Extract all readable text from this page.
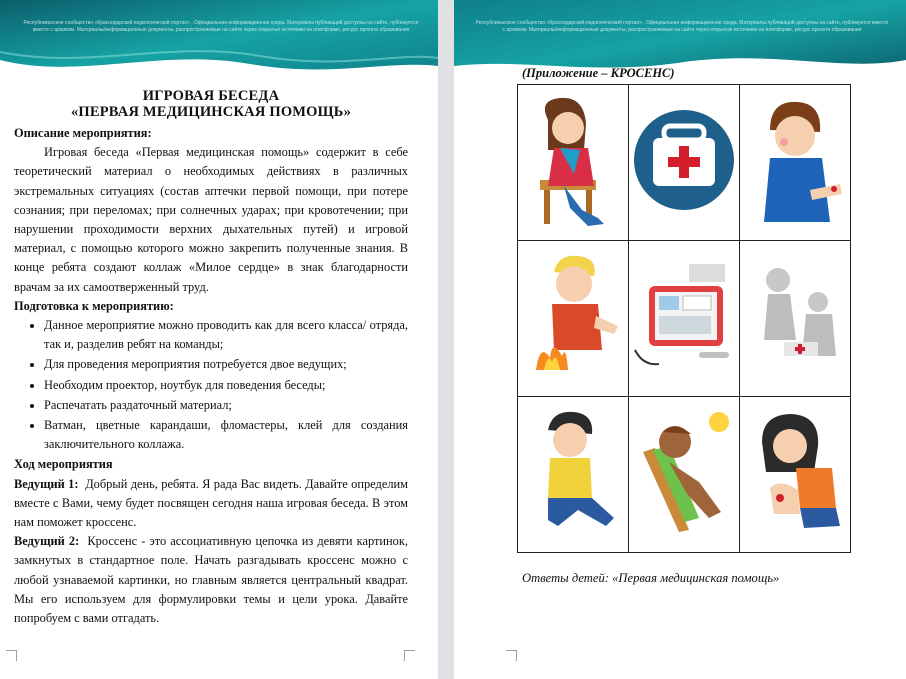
Республиканское сообщество «Краснодарский педагогический портал» . Официальная информационная среда. Материалы публикаций доступны на сайте, публикуется вместе с архивом. Материалы/информационные документы, распространяемые на сайте через открытые источники на платформе, ресурс проекта образования
ИГРОВАЯ БЕСЕДА
«ПЕРВАЯ МЕДИЦИНСКАЯ ПОМОЩЬ»

Описание мероприятия:

Игровая беседа «Первая медицинская помощь» содержит в себе теоретический материал о необходимых действиях в различных экстремальных ситуациях (состав аптечки первой помощи, при потере сознания; при переломах; при солнечных ударах; при кровотечении; при нарушении проходимости верхних дыхательных путей) и игровой материал, с помощью которого можно закрепить полученные знания. В конце ребята создают коллаж «Милое сердце» в знак благодарности врачам за их самоотверженный труд.

Подготовка к мероприятию:

• Данное мероприятие можно проводить как для всего класса/ отряда, так и, разделив ребят на команды;
• Для проведения мероприятия потребуется двое ведущих;
• Необходим проектор, ноутбук для поведения беседы;
• Распечатать раздаточный материал;
• Ватман, цветные карандаши, фломастеры, клей для создания заключительного коллажа.

Ход мероприятия

Ведущий 1: Добрый день, ребята. Я рада Вас видеть. Давайте определим вместе с Вами, чему будет посвящен сегодня наша игровая беседа. В этом нам поможет кроссенс.

Ведущий 2: Кроссенс - это ассоциативную цепочка из девяти картинок, замкнутых в стандартное поле. Начать разгадывать кроссенс можно с любой узнаваемой картинки, но главным является центральный квадрат. Мы его используем для формулировки темы и цели урока. Давайте попробуем с вами отгадать.

Республиканское сообщество «Краснодарский педагогический портал» . Официальная информационная среда. Материалы публикаций доступны на сайте, публикуется вместе с архивом. Материалы/информационные документы, распространяемые на сайте через открытые источники на платформе, ресурс проекта образования
(Приложение – КРОСЕНС)

Ответы детей: «Первая медицинская помощь»
